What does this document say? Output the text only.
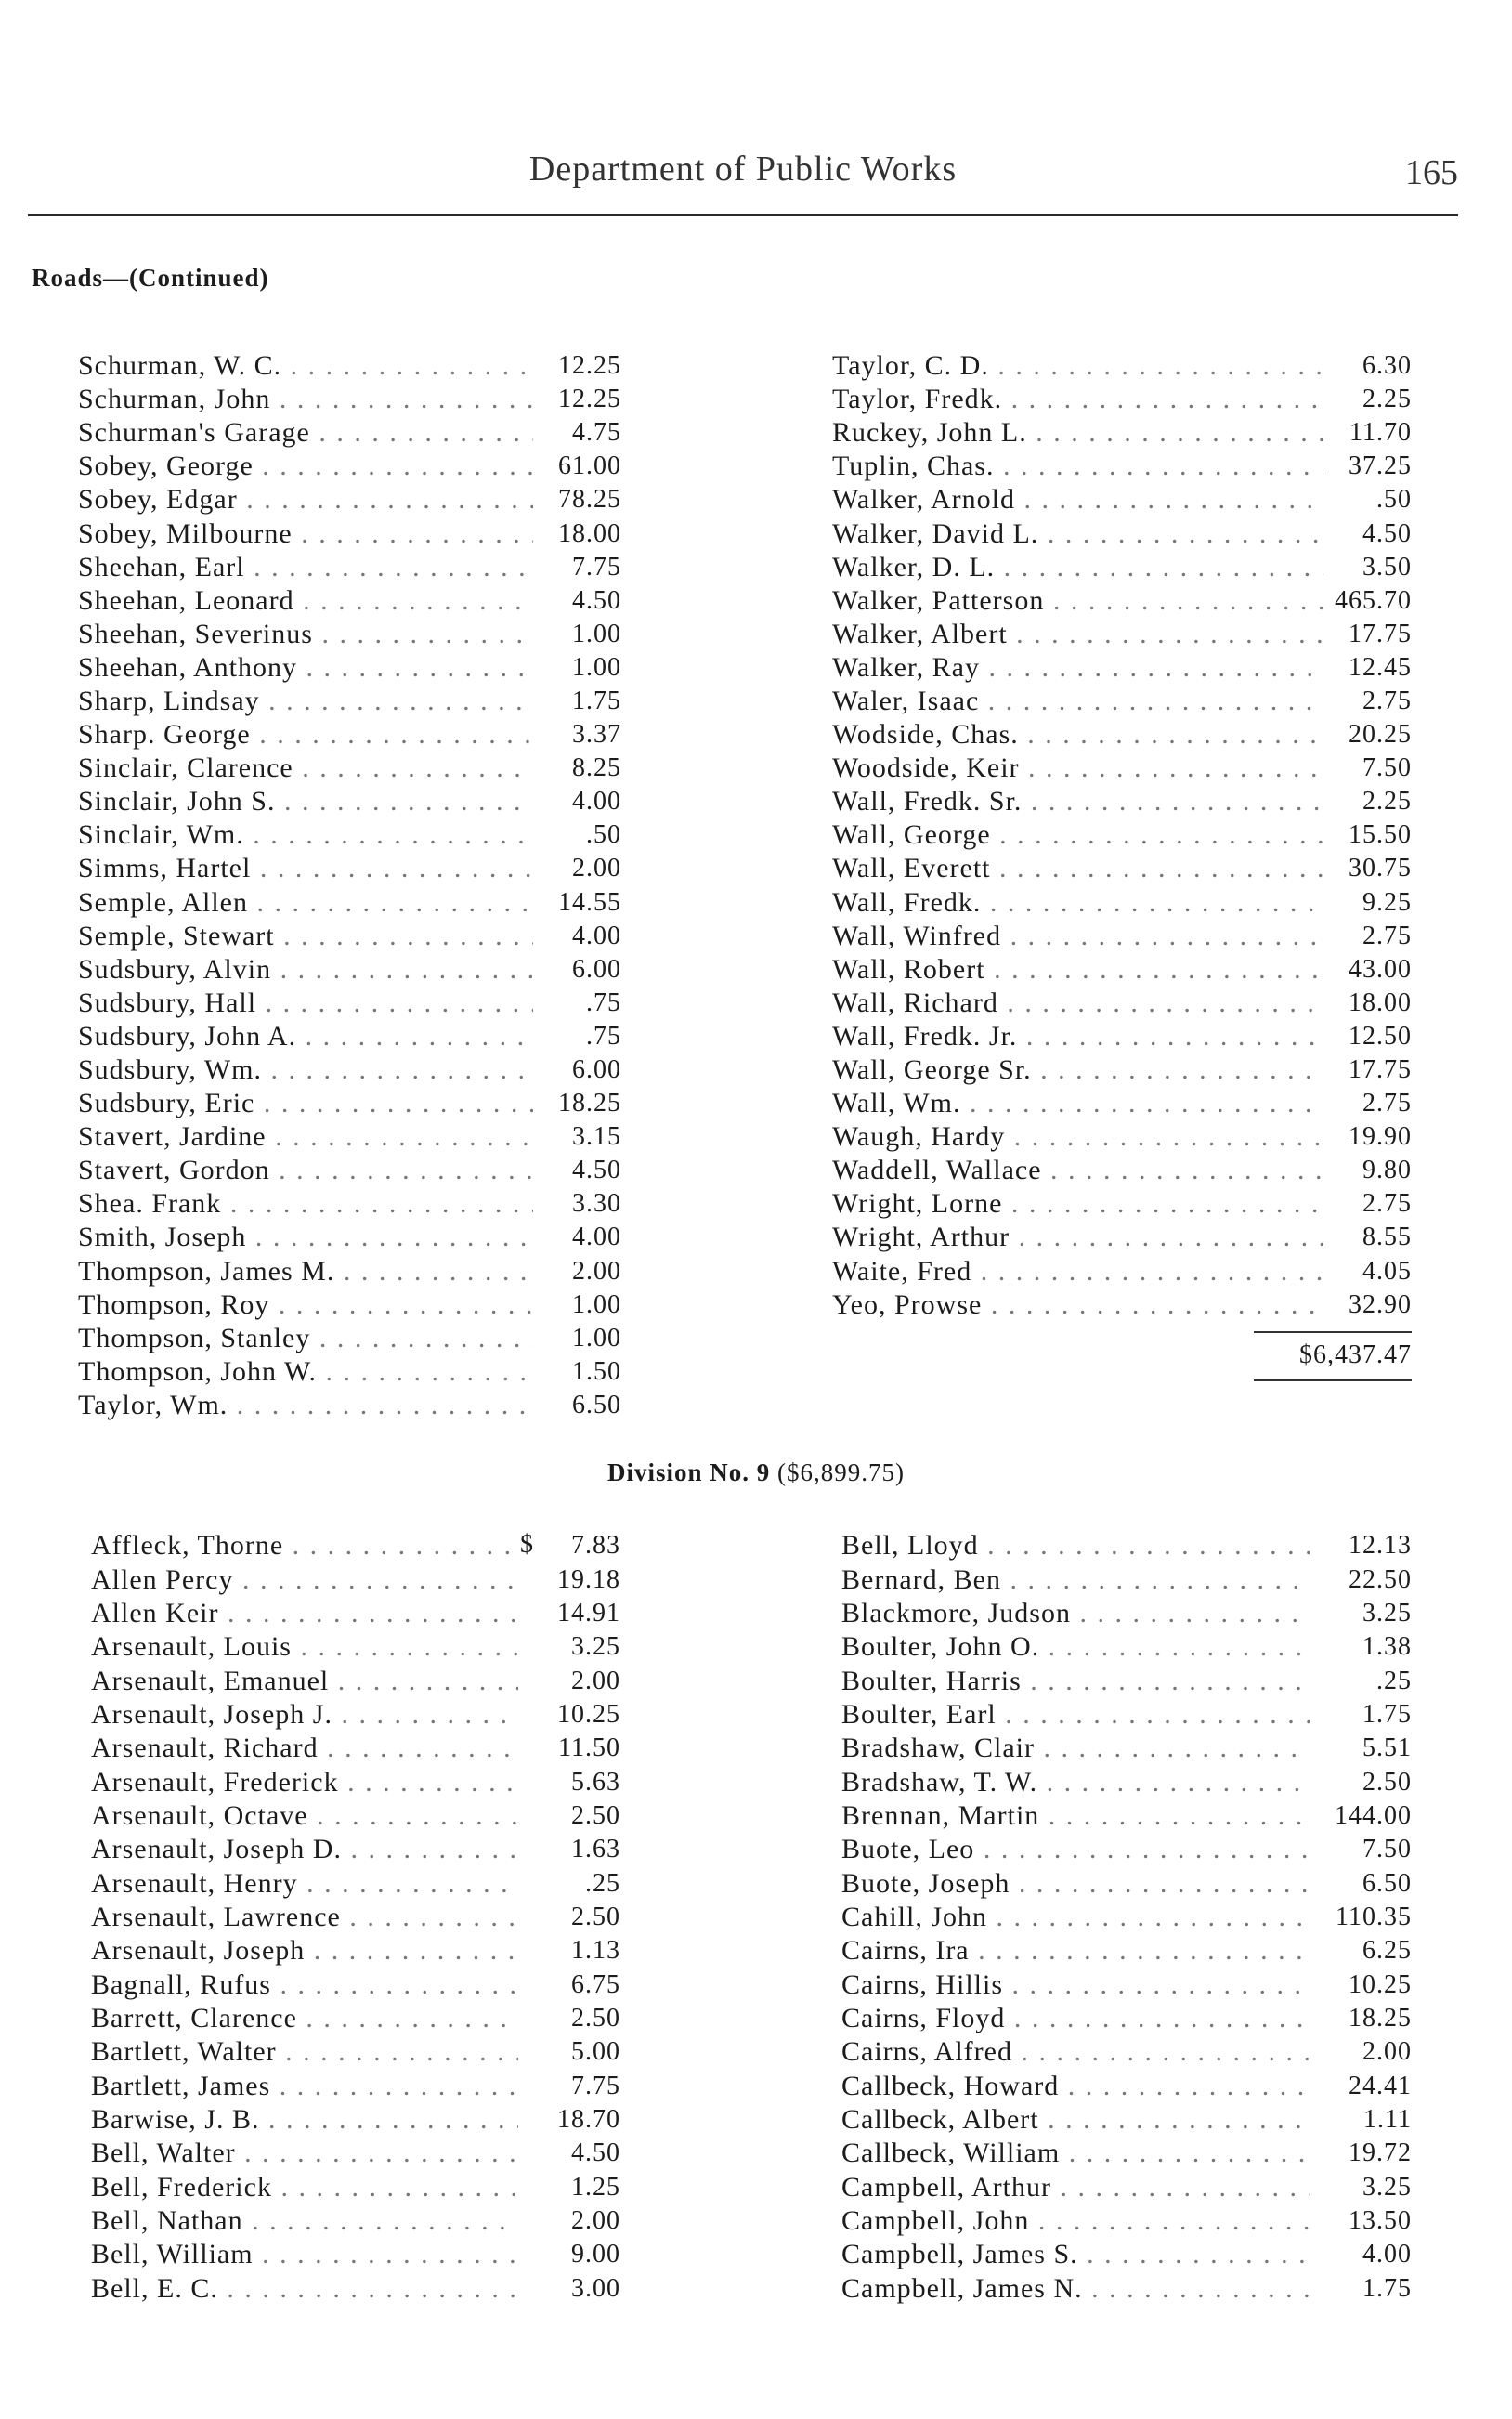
Department of Public Works	165
Roads—(Continued)
Schurman, W. C. . . .	12.25
Schurman, John . . .	12.25
Schurman's Garage . . .	4.75
Sobey, George . . .	61.00
Sobey, Edgar . . .	78.25
Sobey, Milbourne . . .	18.00
Sheehan, Earl . . .	7.75
Sheehan, Leonard . . .	4.50
Sheehan, Severinus . . .	1.00
Sheehan, Anthony . . .	1.00
Sharp, Lindsay . . .	1.75
Sharp. George . . .	3.37
Sinclair, Clarence . . .	8.25
Sinclair, John S. . . .	4.00
Sinclair, Wm. . . .	.50
Simms, Hartel . . .	2.00
Semple, Allen . . .	14.55
Semple, Stewart . . .	4.00
Sudsbury, Alvin . . .	6.00
Sudsbury, Hall . . .	.75
Sudsbury, John A. . . .	.75
Sudsbury, Wm. . . .	6.00
Sudsbury, Eric . . .	18.25
Stavert, Jardine . . .	3.15
Stavert, Gordon . . .	4.50
Shea. Frank . . .	3.30
Smith, Joseph . . .	4.00
Thompson, James M. . . .	2.00
Thompson, Roy . . .	1.00
Thompson, Stanley . . .	1.00
Thompson, John W. . . .	1.50
Taylor, Wm. . . .	6.50
Taylor, C. D. . . .	6.30
Taylor, Fredk. . . .	2.25
Ruckey, John L. . . .	11.70
Tuplin, Chas. . . .	37.25
Walker, Arnold . . .	.50
Walker, David L. . . .	4.50
Walker, D. L. . . .	3.50
Walker, Patterson . . .	465.70
Walker, Albert . . .	17.75
Walker, Ray . . .	12.45
Waler, Isaac . . .	2.75
Wodside, Chas. . . .	20.25
Woodside, Keir . . .	7.50
Wall, Fredk. Sr. . . .	2.25
Wall, George . . .	15.50
Wall, Everett . . .	30.75
Wall, Fredk. . . .	9.25
Wall, Winfred . . .	2.75
Wall, Robert . . .	43.00
Wall, Richard . . .	18.00
Wall, Fredk. Jr. . . .	12.50
Wall, George Sr. . . .	17.75
Wall, Wm. . . .	2.75
Waugh, Hardy . . .	19.90
Waddell, Wallace . . .	9.80
Wright, Lorne . . .	2.75
Wright, Arthur . . .	8.55
Waite, Fred . . .	4.05
Yeo, Prowse . . .	32.90
$6,437.47
Division No. 9 ($6,899.75)
$
Affleck, Thorne . . .	7.83
Allen Percy . . .	19.18
Allen Keir . . .	14.91
Arsenault, Louis . . .	3.25
Arsenault, Emanuel . . .	2.00
Arsenault, Joseph J. . . .	10.25
Arsenault, Richard . . .	11.50
Arsenault, Frederick . . .	5.63
Arsenault, Octave . . .	2.50
Arsenault, Joseph D. . . .	1.63
Arsenault, Henry . . .	.25
Arsenault, Lawrence . . .	2.50
Arsenault, Joseph . . .	1.13
Bagnall, Rufus . . .	6.75
Barrett, Clarence . . .	2.50
Bartlett, Walter . . .	5.00
Bartlett, James . . .	7.75
Barwise, J. B. . . .	18.70
Bell, Walter . . .	4.50
Bell, Frederick . . .	1.25
Bell, Nathan . . .	2.00
Bell, William . . .	9.00
Bell, E. C. . . .	3.00
Bell, Lloyd . . .	12.13
Bernard, Ben . . .	22.50
Blackmore, Judson . . .	3.25
Boulter, John O. . . .	1.38
Boulter, Harris . . .	.25
Boulter, Earl . . .	1.75
Bradshaw, Clair . . .	5.51
Bradshaw, T. W. . . .	2.50
Brennan, Martin . . .	144.00
Buote, Leo . . .	7.50
Buote, Joseph . . .	6.50
Cahill, John . . .	110.35
Cairns, Ira . . .	6.25
Cairns, Hillis . . .	10.25
Cairns, Floyd . . .	18.25
Cairns, Alfred . . .	2.00
Callbeck, Howard . . .	24.41
Callbeck, Albert . . .	1.11
Callbeck, William . . .	19.72
Campbell, Arthur . . .	3.25
Campbell, John . . .	13.50
Campbell, James S. . . .	4.00
Campbell, James N. . . .	1.75
